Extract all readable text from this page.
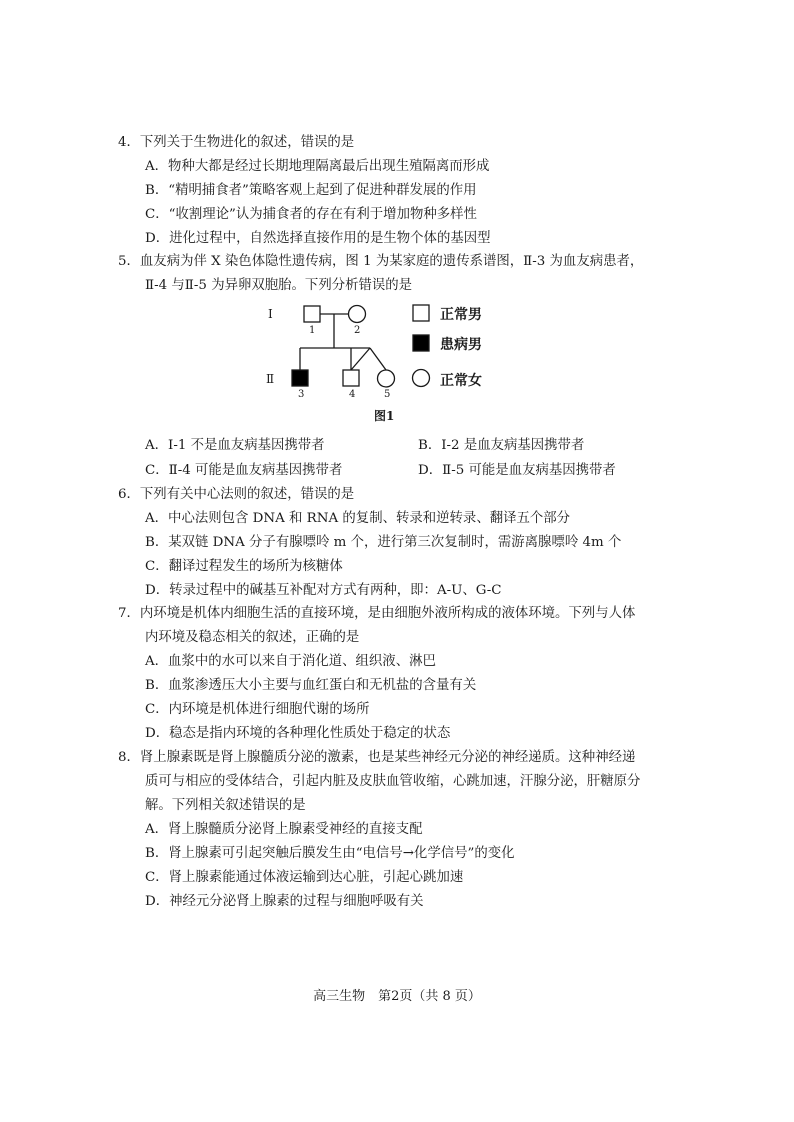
4．下列关于生物进化的叙述，错误的是
A．物种大都是经过长期地理隔离最后出现生殖隔离而形成
B．“精明捕食者”策略客观上起到了促进种群发展的作用
C．“收割理论”认为捕食者的存在有利于增加物种多样性
D．进化过程中，自然选择直接作用的是生物个体的基因型
5．血友病为伴 X 染色体隐性遗传病，图 1 为某家庭的遗传系谱图，Ⅱ-3 为血友病患者，
Ⅱ-4 与Ⅱ-5 为异卵双胞胎。下列分析错误的是
Ⅰ
Ⅱ
1	2
3	4	5
正常男
患病男
正常女
图1
A．Ⅰ-1 不是血友病基因携带者	B．Ⅰ-2 是血友病基因携带者
C．Ⅱ-4 可能是血友病基因携带者	D．Ⅱ-5 可能是血友病基因携带者
6．下列有关中心法则的叙述，错误的是
A．中心法则包含 DNA 和 RNA 的复制、转录和逆转录、翻译五个部分
B．某双链 DNA 分子有腺嘌呤 m 个，进行第三次复制时，需游离腺嘌呤 4m 个
C．翻译过程发生的场所为核糖体
D．转录过程中的碱基互补配对方式有两种，即：A-U、G-C
7．内环境是机体内细胞生活的直接环境，是由细胞外液所构成的液体环境。下列与人体
内环境及稳态相关的叙述，正确的是
A．血浆中的水可以来自于消化道、组织液、淋巴
B．血浆渗透压大小主要与血红蛋白和无机盐的含量有关
C．内环境是机体进行细胞代谢的场所
D．稳态是指内环境的各种理化性质处于稳定的状态
8．肾上腺素既是肾上腺髓质分泌的激素，也是某些神经元分泌的神经递质。这种神经递
质可与相应的受体结合，引起内脏及皮肤血管收缩，心跳加速，汗腺分泌，肝糖原分
解。下列相关叙述错误的是
A．肾上腺髓质分泌肾上腺素受神经的直接支配
B．肾上腺素可引起突触后膜发生由“电信号→化学信号”的变化
C．肾上腺素能通过体液运输到达心脏，引起心跳加速
D．神经元分泌肾上腺素的过程与细胞呼吸有关
高三生物　第2页（共 8 页）
